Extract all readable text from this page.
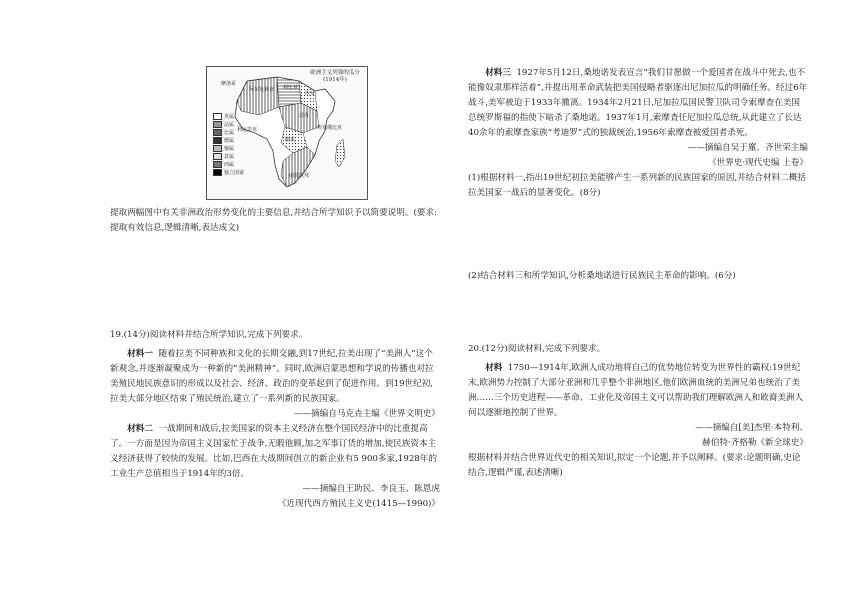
欧洲主义列强的瓜分
(1914年)
摩洛哥
阿尔及利亚 利比亚
埃及
苏丹
埃塞俄比亚
利比里亚
刚果
南非联邦
英属
法属
比属
德属
葡属
意属
西属
独立国家

提取两幅图中有关非洲政治形势变化的主要信息,并结合所学知识予以简要说明。(要求:提取有效信息,逻辑清晰,表达成文)

19.(14分)阅读材料并结合所学知识,完成下列要求。

材料一 随着拉美不同种族和文化的长期交融,到17世纪,拉美出现了“美洲人”这个新观念,并逐渐凝聚成为一种新的“美洲精神”。同时,欧洲启蒙思想和学说的传播也对拉美殖民地民族意识的形成以及社会、经济、政治的变革起到了促进作用。到19世纪初,拉美大部分地区结束了殖民统治,建立了一系列新的民族国家。

——摘编自马克垚主编《世界文明史》

材料二 一战期间和战后,拉美国家的资本主义经济在整个国民经济中的比重提高了。一方面是因为帝国主义国家忙于战争,无暇他顾,加之军事订货的增加,使民族资本主义经济获得了较快的发展。比如,巴西在大战期间创立的新企业有5 900多家,1928年的工业生产总值相当于1914年的3倍。

——摘编自王助民、李良玉、陈恩虎

《近现代西方殖民主义史(1415—1990)》

材料三 1927年5月12日,桑地诺发表宣言“我们甘愿做一个爱国者在战斗中死去,也不能像奴隶那样活着”,并提出用革命武装把美国侵略者驱逐出尼加拉瓜的明确任务。经过6年战斗,美军被迫于1933年撤离。1934年2月21日,尼加拉瓜国民警卫队司令索摩查在美国总统罗斯福的指使下暗杀了桑地诺。1937年1月,索摩查任尼加拉瓜总统,从此建立了长达40余年的索摩查家族“考迪罗”式的独裁统治,1956年索摩查被爱国者杀死。

——摘编自吴于廑、齐世荣主编

《世界史·现代史编 上卷》

(1)根据材料一,指出19世纪初拉美能够产生一系列新的民族国家的原因,并结合材料二概括拉美国家一战后的显著变化。(8分)

(2)结合材料三和所学知识,分析桑地诺进行民族民主革命的影响。(6分)

20.(12分)阅读材料,完成下列要求。

材料 1750—1914年,欧洲人成功地将自己的优势地位转变为世界性的霸权:19世纪末,欧洲势力控制了大部分亚洲和几乎整个非洲地区,他们欧洲血统的美洲兄弟也统治了美洲……三个历史进程——革命、工业化及帝国主义可以帮助我们理解欧洲人和欧裔美洲人何以逐渐地控制了世界。

——摘编自[美]杰里·本特利、

赫伯特·齐格勒《新全球史》

根据材料并结合世界近代史的相关知识,拟定一个论题,并予以阐释。(要求:论题明确,史论结合,逻辑严谨,表述清晰)
